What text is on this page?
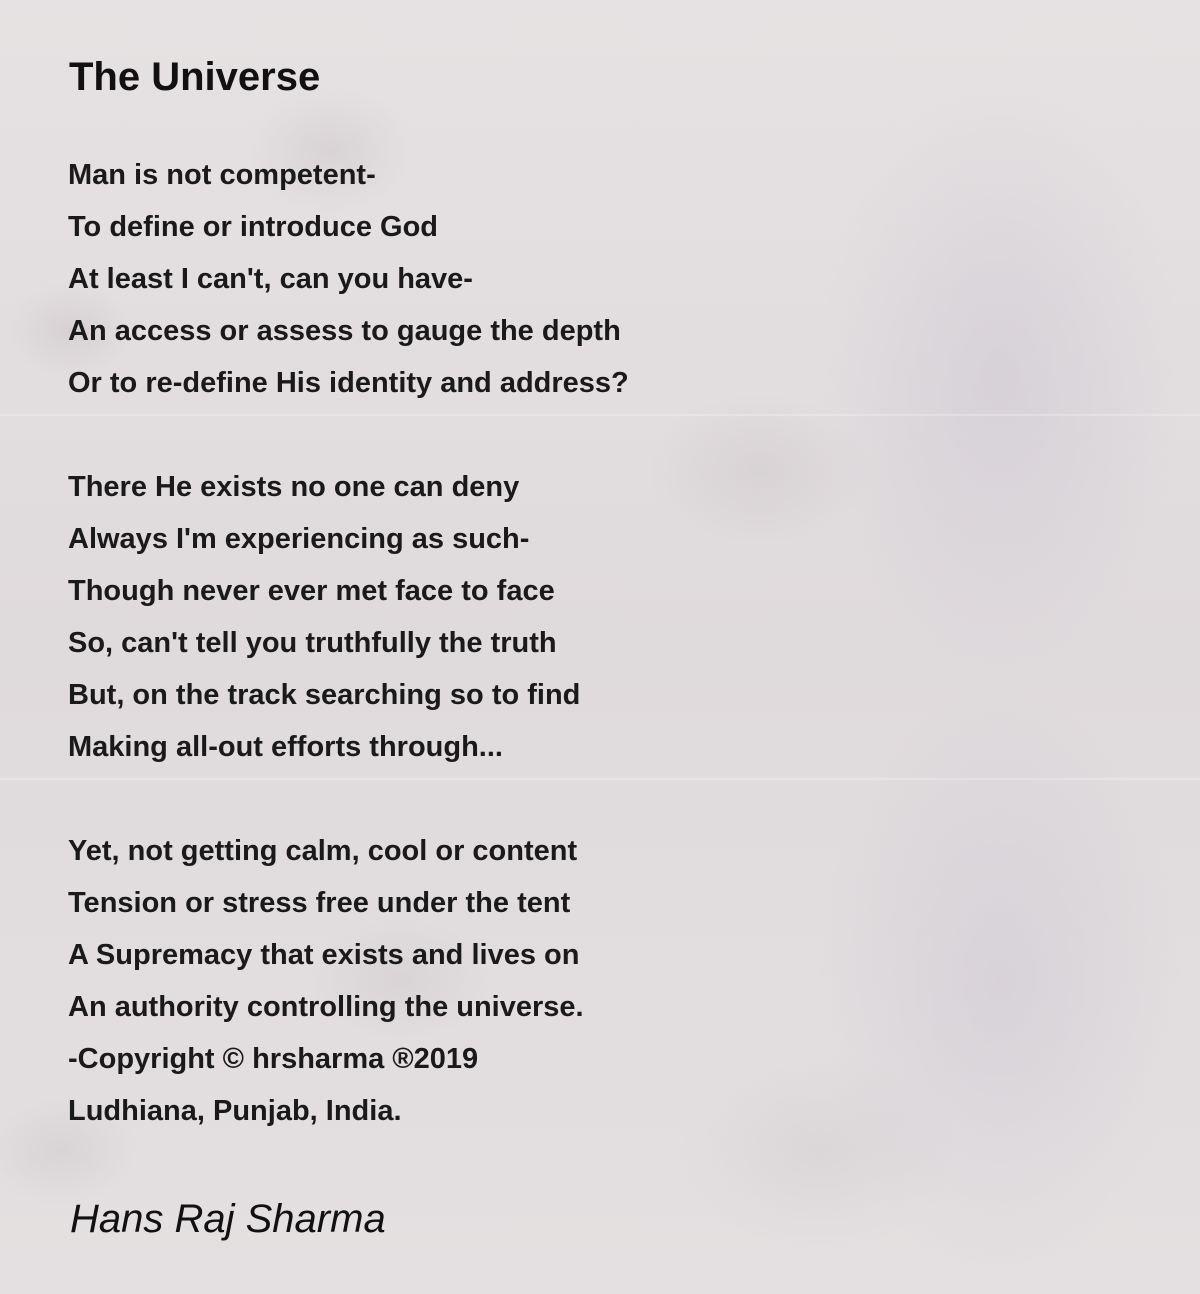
The Universe

Man is not competent-
To define or introduce God
At least I can't, can you have-
An access or assess to gauge the depth
Or to re-define His identity and address?

There He exists no one can deny
Always I'm experiencing as such-
Though never ever met face to face
So, can't tell you truthfully the truth
But, on the track searching so to find
Making all-out efforts through...

Yet, not getting calm, cool or content
Tension or stress free under the tent
A Supremacy that exists and lives on
An authority controlling the universe.
-Copyright © hrsharma ®2019
Ludhiana, Punjab, India.

Hans Raj Sharma
